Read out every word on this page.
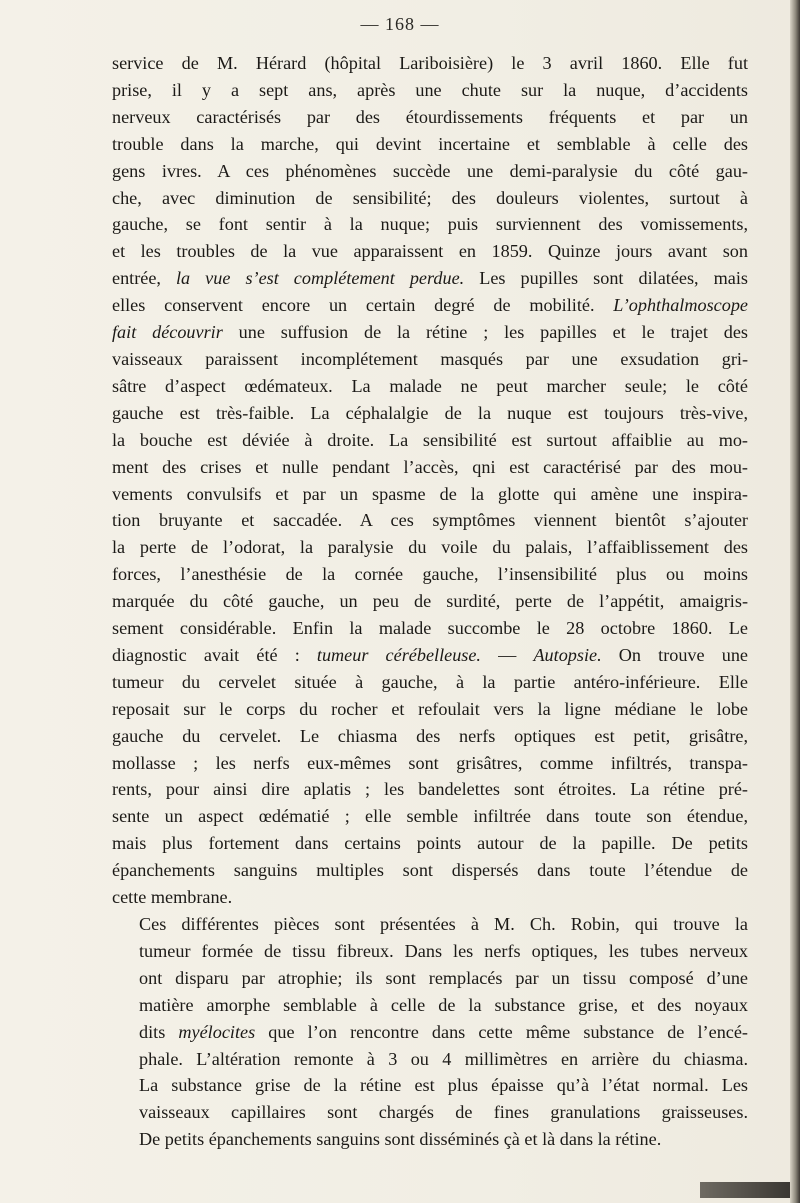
— 168 —

service de M. Hérard (hôpital Lariboisière) le 3 avril 1860. Elle fut
prise, il y a sept ans, après une chute sur la nuque, d’accidents
nerveux caractérisés par des étourdissements fréquents et par un
trouble dans la marche, qui devint incertaine et semblable à celle des
gens ivres. A ces phénomènes succède une demi-paralysie du côté gau-
che, avec diminution de sensibilité; des douleurs violentes, surtout à
gauche, se font sentir à la nuque; puis surviennent des vomissements,
et les troubles de la vue apparaissent en 1859. Quinze jours avant son
entrée, la vue s’est complétement perdue. Les pupilles sont dilatées, mais
elles conservent encore un certain degré de mobilité. L’ophthalmoscope
fait découvrir une suffusion de la rétine ; les papilles et le trajet des
vaisseaux paraissent incomplétement masqués par une exsudation gri-
sâtre d’aspect œdémateux. La malade ne peut marcher seule; le côté
gauche est très-faible. La céphalalgie de la nuque est toujours très-vive,
la bouche est déviée à droite. La sensibilité est surtout affaiblie au mo-
ment des crises et nulle pendant l’accès, qni est caractérisé par des mou-
vements convulsifs et par un spasme de la glotte qui amène une inspira-
tion bruyante et saccadée. A ces symptômes viennent bientôt s’ajouter
la perte de l’odorat, la paralysie du voile du palais, l’affaiblissement des
forces, l’anesthésie de la cornée gauche, l’insensibilité plus ou moins
marquée du côté gauche, un peu de surdité, perte de l’appétit, amaigris-
sement considérable. Enfin la malade succombe le 28 octobre 1860. Le
diagnostic avait été : tumeur cérébelleuse. — Autopsie. On trouve une
tumeur du cervelet située à gauche, à la partie antéro-inférieure. Elle
reposait sur le corps du rocher et refoulait vers la ligne médiane le lobe
gauche du cervelet. Le chiasma des nerfs optiques est petit, grisâtre,
mollasse ; les nerfs eux-mêmes sont grisâtres, comme infiltrés, transpa-
rents, pour ainsi dire aplatis ; les bandelettes sont étroites. La rétine pré-
sente un aspect œdématié ; elle semble infiltrée dans toute son étendue,
mais plus fortement dans certains points autour de la papille. De petits
épanchements sanguins multiples sont dispersés dans toute l’étendue de
cette membrane.

Ces différentes pièces sont présentées à M. Ch. Robin, qui trouve la
tumeur formée de tissu fibreux. Dans les nerfs optiques, les tubes nerveux
ont disparu par atrophie; ils sont remplacés par un tissu composé d’une
matière amorphe semblable à celle de la substance grise, et des noyaux
dits myélocites que l’on rencontre dans cette même substance de l’encé-
phale. L’altération remonte à 3 ou 4 millimètres en arrière du chiasma.
La substance grise de la rétine est plus épaisse qu’à l’état normal. Les
vaisseaux capillaires sont chargés de fines granulations graisseuses.
De petits épanchements sanguins sont disséminés çà et là dans la rétine.
